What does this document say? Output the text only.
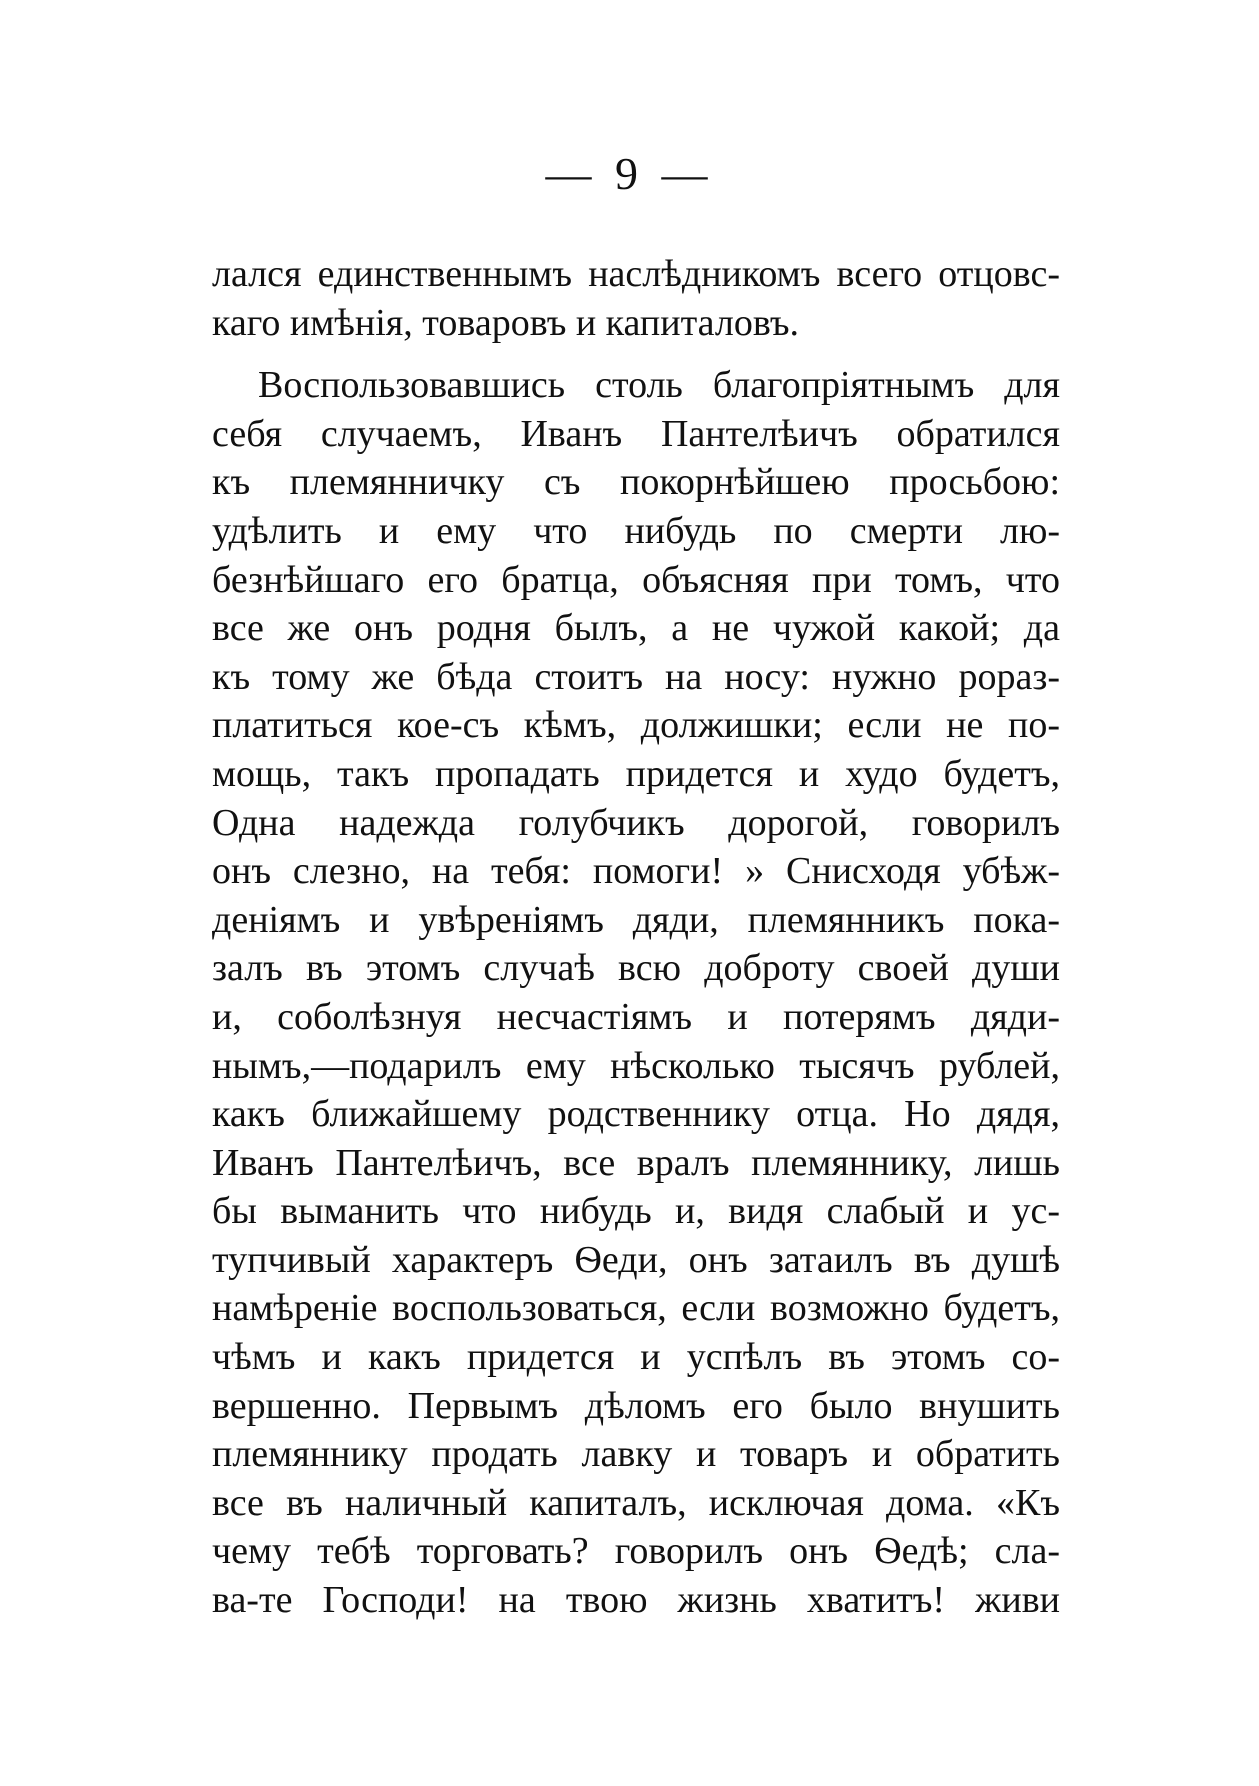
— 9 —
лался единственнымъ наслѣдникомъ всего отцовс-
каго имѣнія, товаровъ и капиталовъ.
Воспользовавшись столь благопріятнымъ для
себя случаемъ, Иванъ Пантелѣичъ обратился
къ племянничку съ покорнѣйшею просьбою:
удѣлить и ему что нибудь по смерти лю-
безнѣйшаго его братца, объясняя при томъ, что
все же онъ родня былъ, а не чужой какой; да
къ тому же бѣда стоитъ на носу: нужно poраз-
платиться кое-съ кѣмъ, должишки; если не по-
мощь, такъ пропадать придется и худо будетъ,
Одна надежда голубчикъ дорогой, говорилъ
онъ слезно, на тебя: помоги! » Снисходя убѣж-
деніямъ и увѣреніямъ дяди, племянникъ пока-
залъ въ этомъ случаѣ всю доброту своей души
и, соболѣзнуя несчастіямъ и потерямъ дяди-
нымъ,—подарилъ ему нѣсколько тысячъ рублей,
какъ ближайшему родственнику отца. Но дядя,
Иванъ Пантелѣичъ, все вралъ племяннику, лишь
бы выманить что нибудь и, видя слабый и ус-
тупчивый характеръ Ѳеди, онъ затаилъ въ душѣ
намѣреніе воспользоваться, если возможно будетъ,
чѣмъ и какъ придется и успѣлъ въ этомъ со-
вершенно. Первымъ дѣломъ его было внушить
племяннику продать лавку и товаръ и обратить
все въ наличный капиталъ, исключая дома. «Къ
чему тебѣ торговать? говорилъ онъ Ѳедѣ; сла-
ва-те Господи! на твою жизнь хватитъ! живи
